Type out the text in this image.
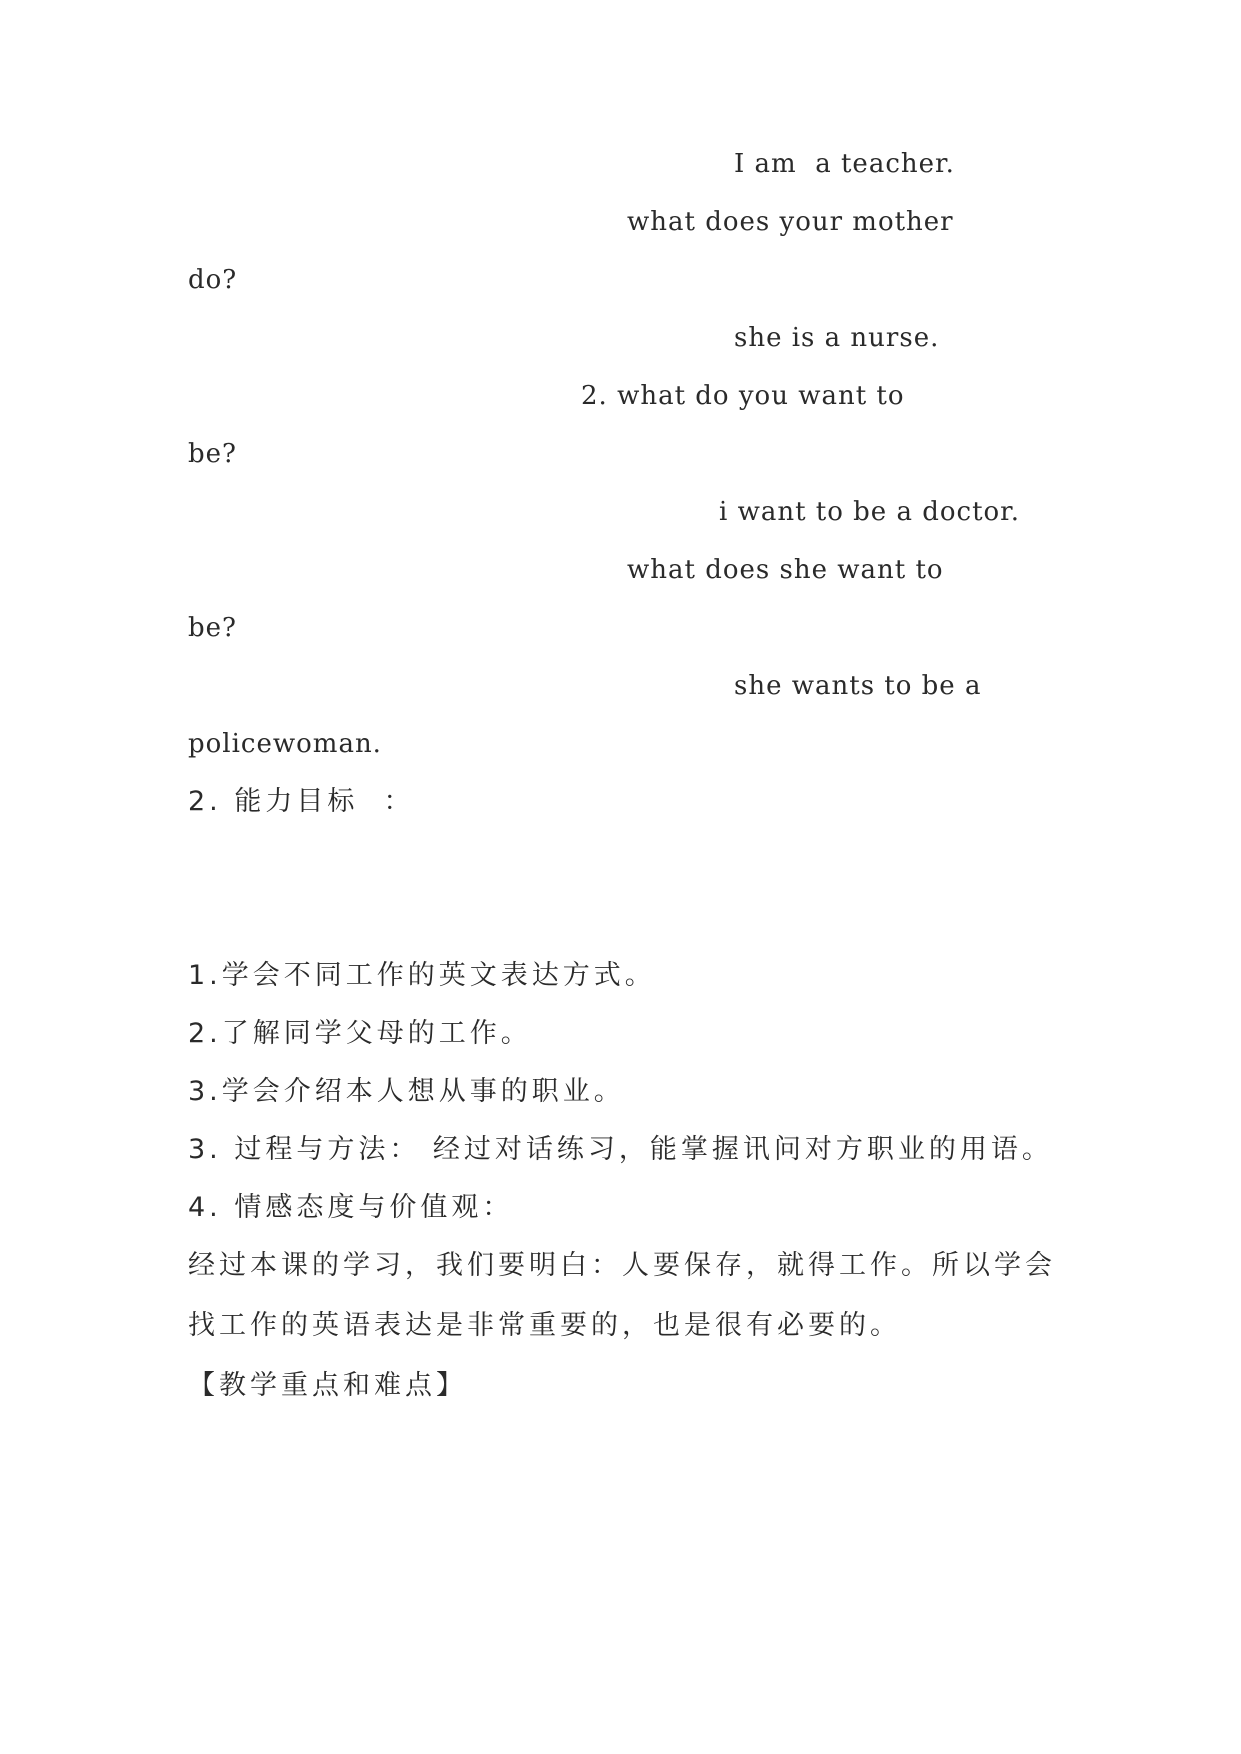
I am  a teacher.
what does your mother
do?
she is a nurse.
2. what do you want to
be?
i want to be a doctor.
what does she want to
be?
she wants to be a
policewoman.
2. 能力目标  ：
1.学会不同工作的英文表达方式。
2.了解同学父母的工作。
3.学会介绍本人想从事的职业。
3. 过程与方法： 经过对话练习，能掌握讯问对方职业的用语。
4. 情感态度与价值观：
经过本课的学习，我们要明白：人要保存，就得工作。所以学会
找工作的英语表达是非常重要的，也是很有必要的。
【教学重点和难点】
